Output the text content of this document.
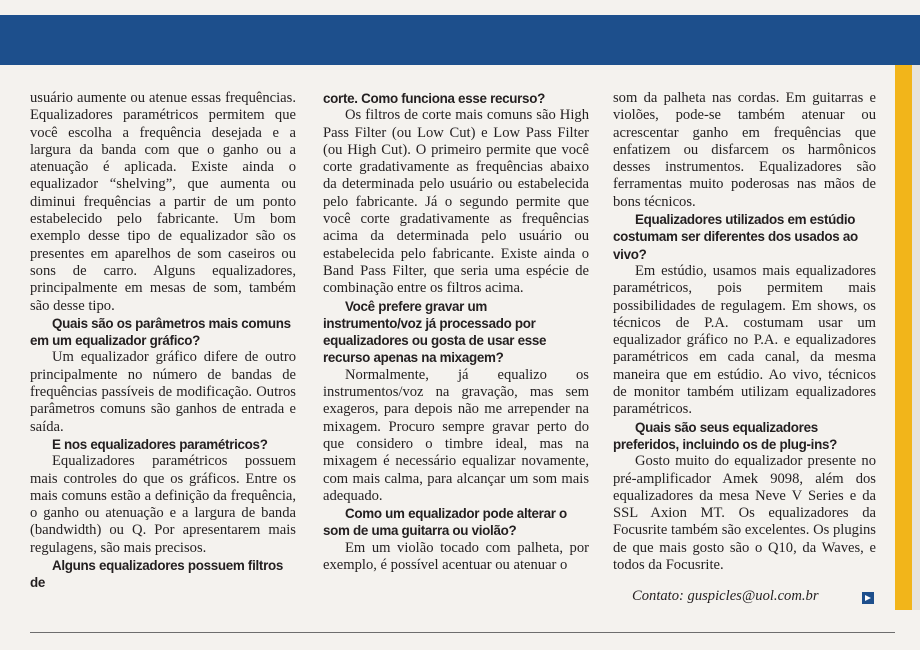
usuário aumente ou atenue essas frequências. Equalizadores paramétricos permitem que você escolha a frequência desejada e a largura da banda com que o ganho ou a atenuação é aplicada. Existe ainda o equalizador “shelving”, que aumenta ou diminui frequências a partir de um ponto estabelecido pelo fabricante. Um bom exemplo desse tipo de equalizador são os presentes em aparelhos de som caseiros ou sons de carro. Alguns equalizadores, principalmente em mesas de som, também são desse tipo.

Quais são os parâmetros mais comuns em um equalizador gráfico?

Um equalizador gráfico difere de outro principalmente no número de bandas de frequências passíveis de modificação. Outros parâmetros comuns são ganhos de entrada e saída.

E nos equalizadores paramétricos?

Equalizadores paramétricos possuem mais controles do que os gráficos. Entre os mais comuns estão a definição da frequência, o ganho ou atenuação e a largura de banda (bandwidth) ou Q. Por apresentarem mais regulagens, são mais precisos.

Alguns equalizadores possuem filtros de

corte. Como funciona esse recurso?

Os filtros de corte mais comuns são High Pass Filter (ou Low Cut) e Low Pass Filter (ou High Cut). O primeiro permite que você corte gradativamente as frequências abaixo da determinada pelo usuário ou estabelecida pelo fabricante. Já o segundo permite que você corte gradativamente as frequências acima da determinada pelo usuário ou estabelecida pelo fabricante. Existe ainda o Band Pass Filter, que seria uma espécie de combinação entre os filtros acima.

Você prefere gravar um instrumento/voz já processado por equalizadores ou gosta de usar esse recurso apenas na mixagem?

Normalmente, já equalizo os instrumentos/voz na gravação, mas sem exageros, para depois não me arrepender na mixagem. Procuro sempre gravar perto do que considero o timbre ideal, mas na mixagem é necessário equalizar novamente, com mais calma, para alcançar um som mais adequado.

Como um equalizador pode alterar o som de uma guitarra ou violão?

Em um violão tocado com palheta, por exemplo, é possível acentuar ou atenuar o

som da palheta nas cordas. Em guitarras e violões, pode-se também atenuar ou acrescentar ganho em frequências que enfatizem ou disfarcem os harmônicos desses instrumentos. Equalizadores são ferramentas muito poderosas nas mãos de bons técnicos.

Equalizadores utilizados em estúdio costumam ser diferentes dos usados ao vivo?

Em estúdio, usamos mais equalizadores paramétricos, pois permitem mais possibilidades de regulagem. Em shows, os técnicos de P.A. costumam usar um equalizador gráfico no P.A. e equalizadores paramétricos em cada canal, da mesma maneira que em estúdio. Ao vivo, técnicos de monitor também utilizam equalizadores paramétricos.

Quais são seus equalizadores preferidos, incluindo os de plug-ins?

Gosto muito do equalizador presente no pré-amplificador Amek 9098, além dos equalizadores da mesa Neve V Series e da SSL Axion MT. Os equalizadores da Focusrite também são excelentes. Os plugins de que mais gosto são o Q10, da Waves, e todos da Focusrite.

Contato: guspicles@uol.com.br
